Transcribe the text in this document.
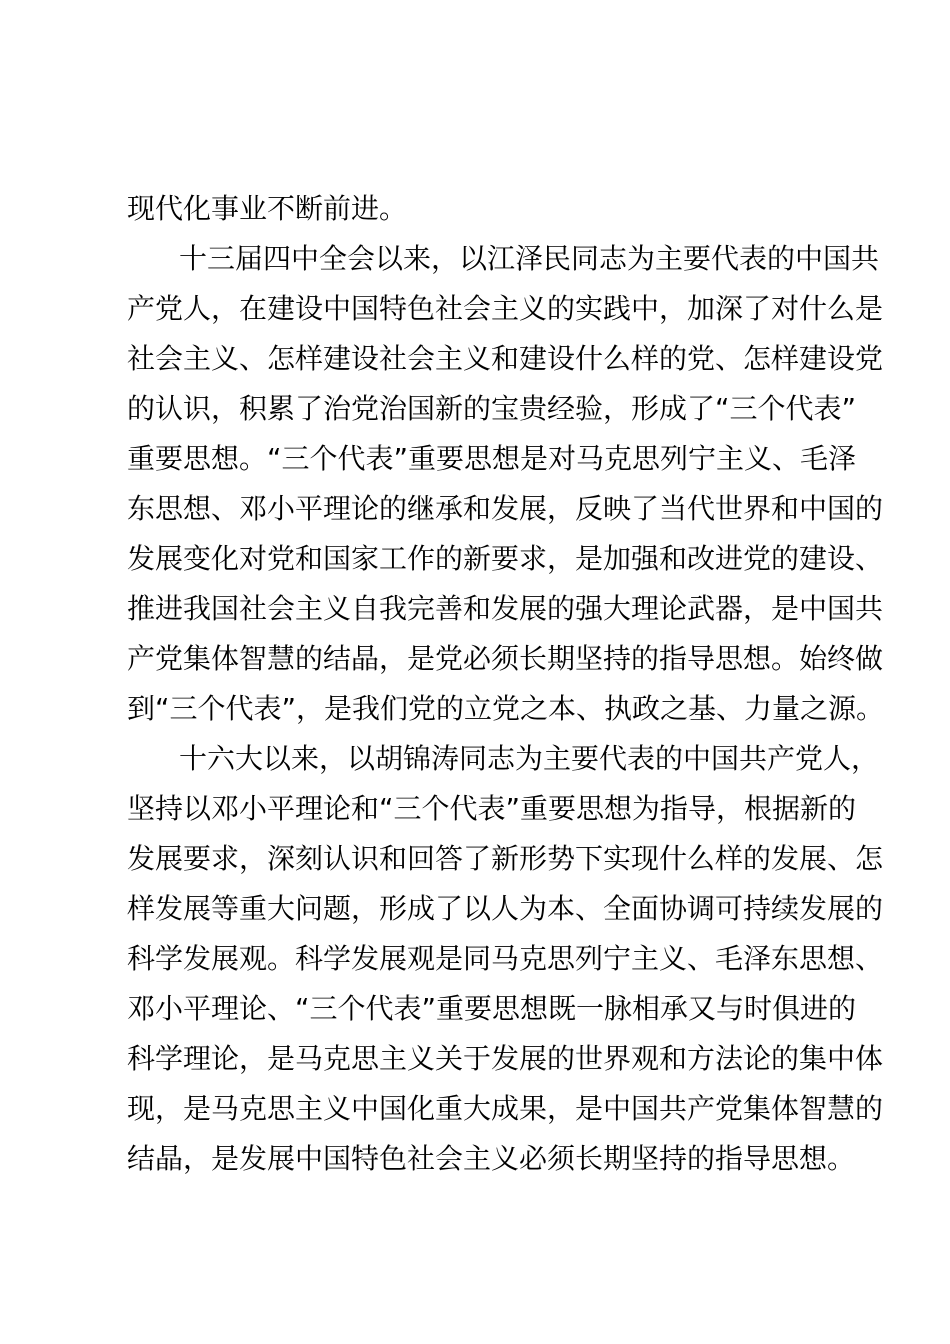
现代化事业不断前进。
十三届四中全会以来，以江泽民同志为主要代表的中国共
产党人，在建设中国特色社会主义的实践中，加深了对什么是
社会主义、怎样建设社会主义和建设什么样的党、怎样建设党
的认识，积累了治党治国新的宝贵经验，形成了“三个代表”
重要思想。“三个代表”重要思想是对马克思列宁主义、毛泽
东思想、邓小平理论的继承和发展，反映了当代世界和中国的
发展变化对党和国家工作的新要求，是加强和改进党的建设、
推进我国社会主义自我完善和发展的强大理论武器，是中国共
产党集体智慧的结晶，是党必须长期坚持的指导思想。始终做
到“三个代表”，是我们党的立党之本、执政之基、力量之源。
十六大以来，以胡锦涛同志为主要代表的中国共产党人，
坚持以邓小平理论和“三个代表”重要思想为指导，根据新的
发展要求，深刻认识和回答了新形势下实现什么样的发展、怎
样发展等重大问题，形成了以人为本、全面协调可持续发展的
科学发展观。科学发展观是同马克思列宁主义、毛泽东思想、
邓小平理论、“三个代表”重要思想既一脉相承又与时俱进的
科学理论，是马克思主义关于发展的世界观和方法论的集中体
现，是马克思主义中国化重大成果，是中国共产党集体智慧的
结晶，是发展中国特色社会主义必须长期坚持的指导思想。
